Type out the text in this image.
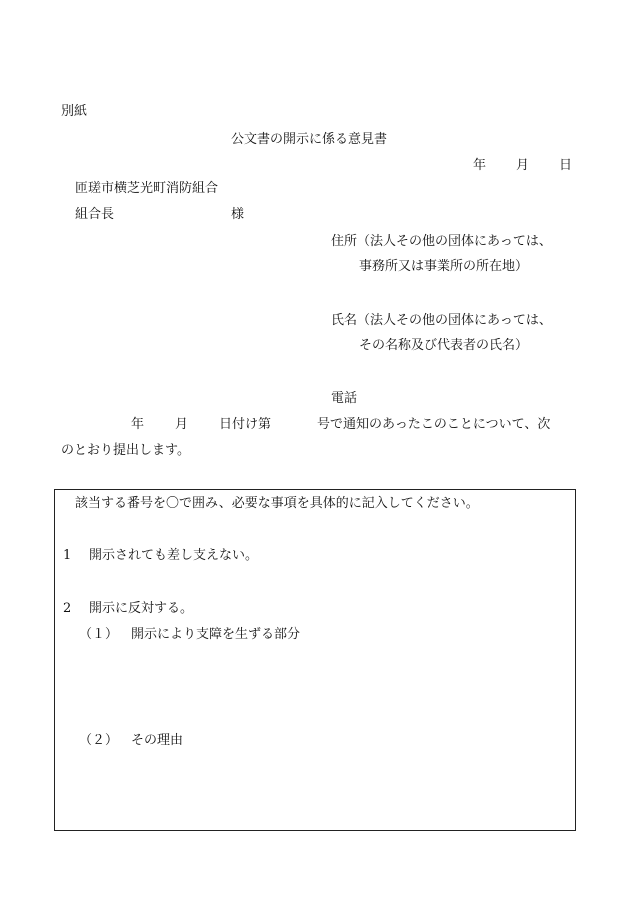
別紙
公文書の開示に係る意見書
年 月 日
匝瑳市横芝光町消防組合
組合長	様
住所（法人その他の団体にあっては、
事務所又は事業所の所在地）
氏名（法人その他の団体にあっては、
その名称及び代表者の氏名）
電話
年 月 日付け第	号で通知のあったこのことについて、次
のとおり提出します。
該当する番号を〇で囲み、必要な事項を具体的に記入してください。
1 開示されても差し支えない。
2 開示に反対する。
（１） 開示により支障を生ずる部分
（２） その理由
